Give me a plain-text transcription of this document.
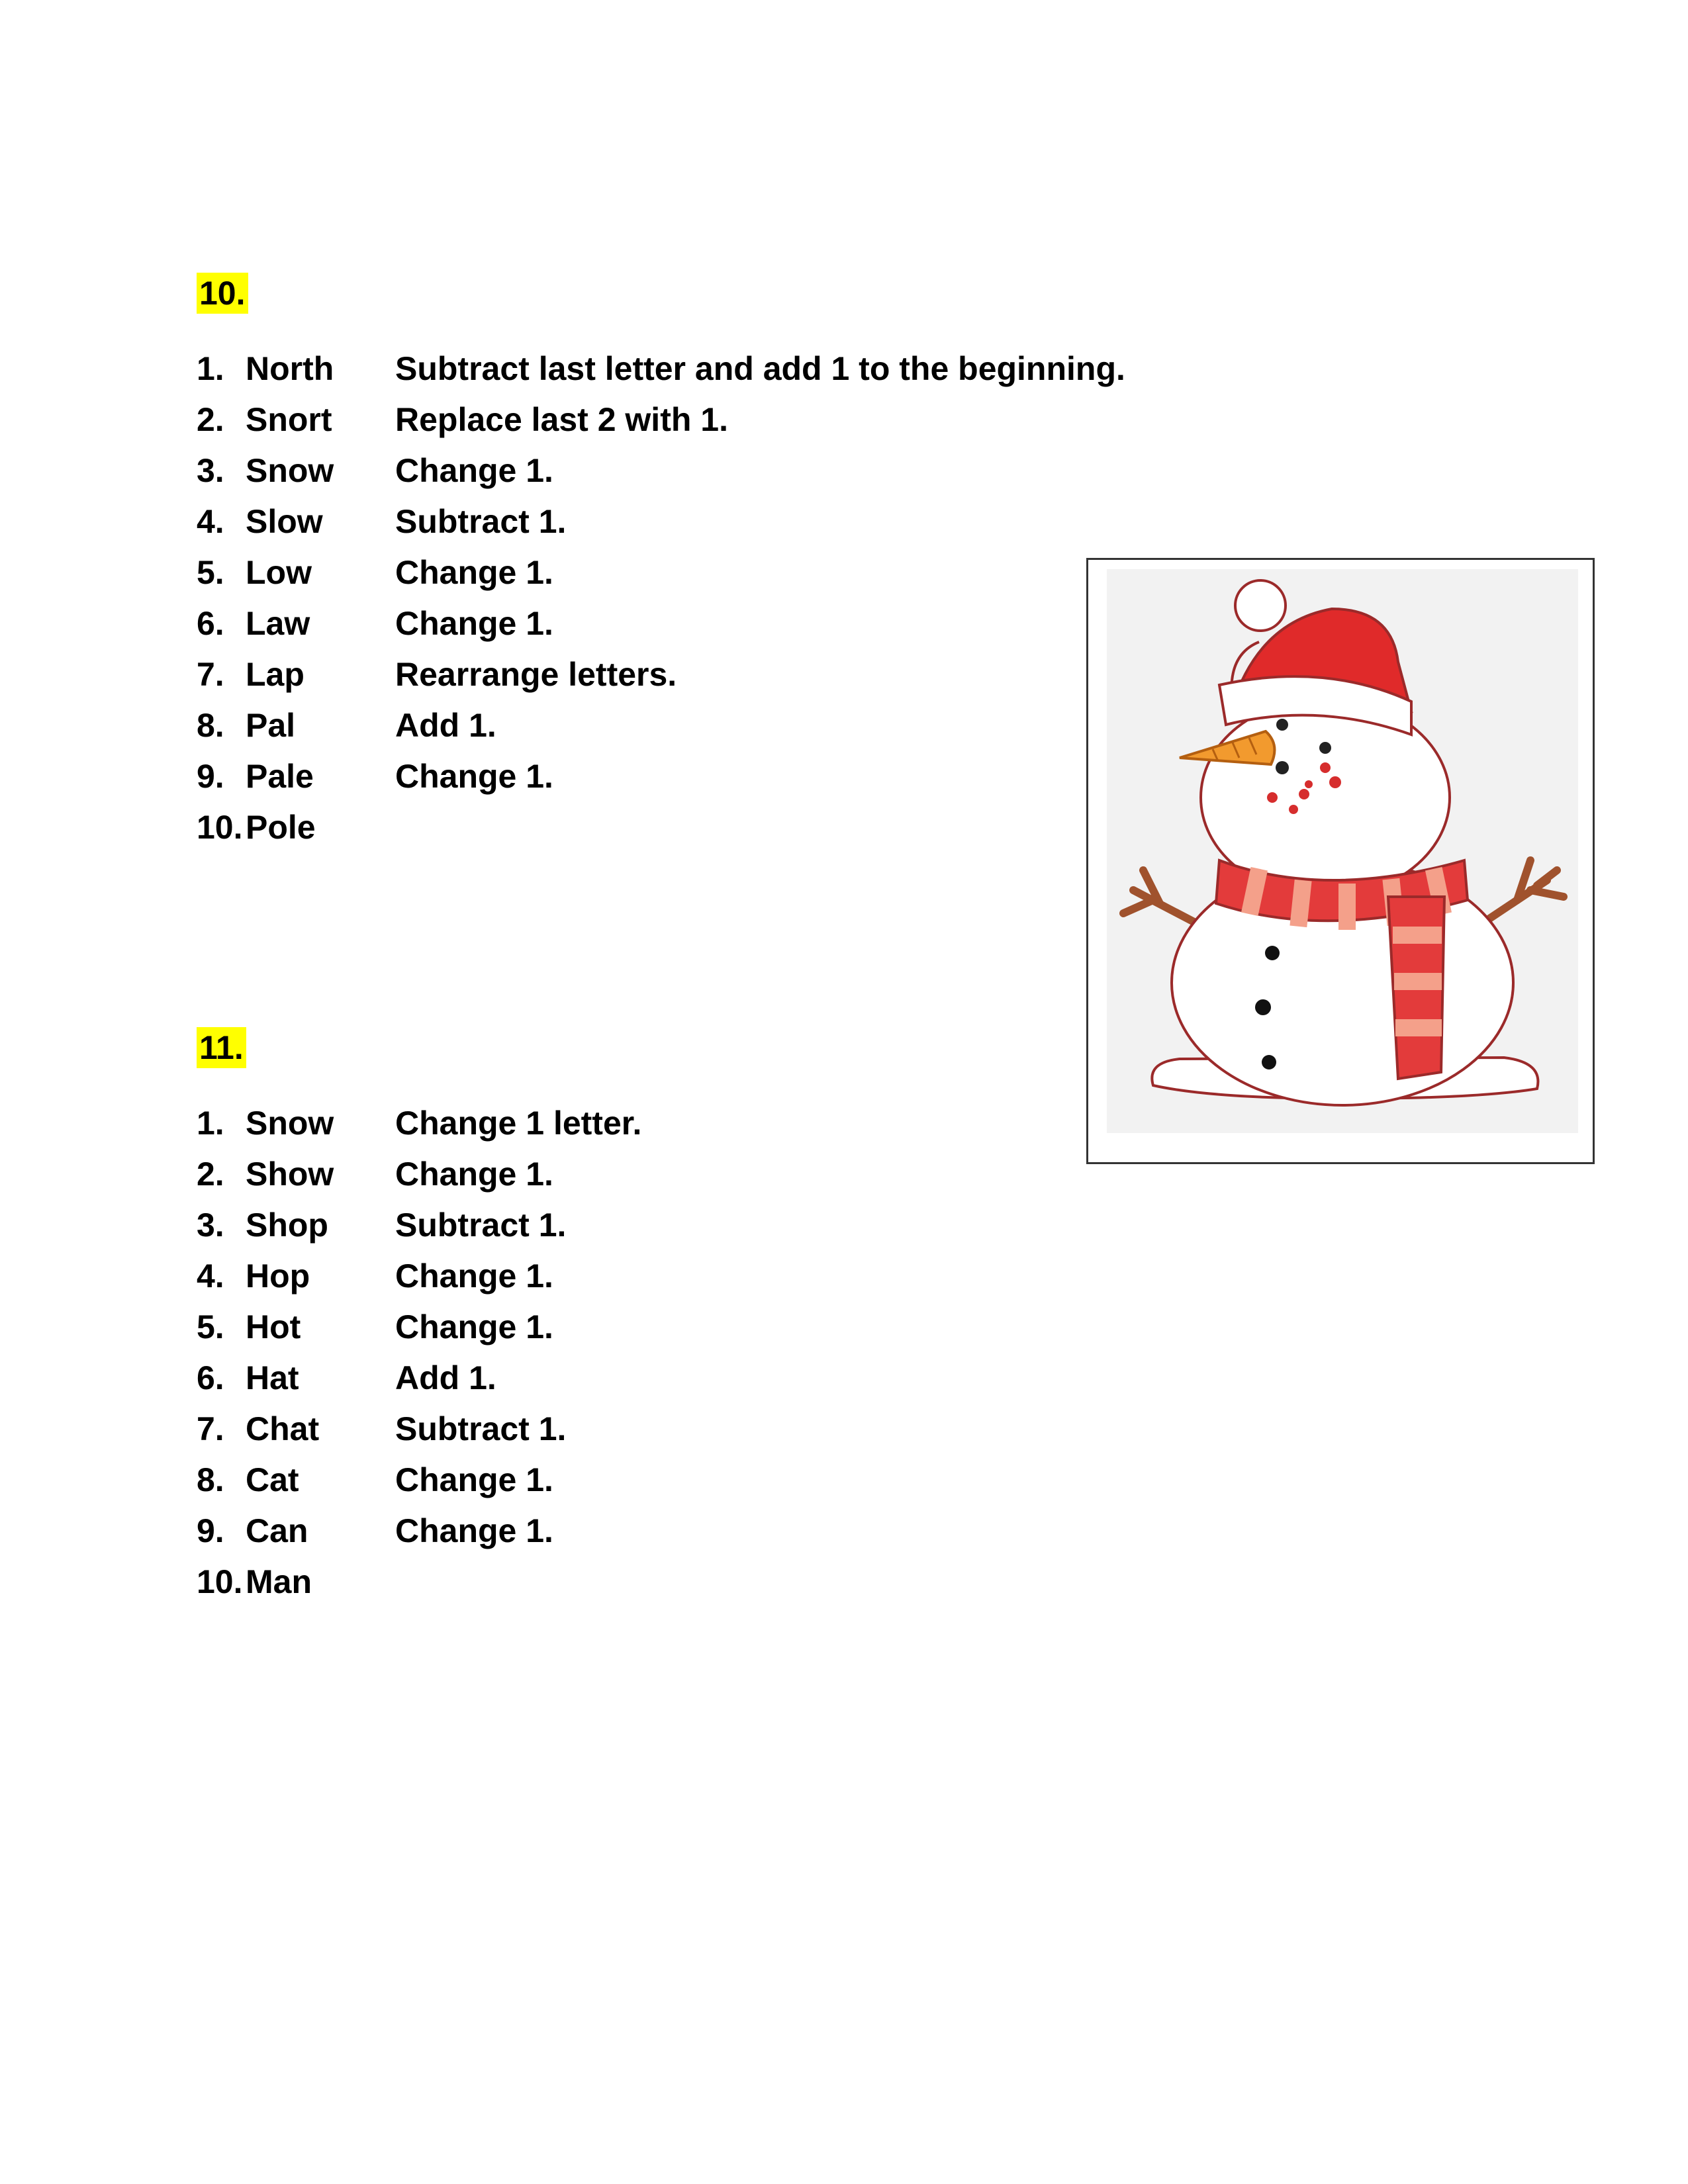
10.
1. North	Subtract last letter and add 1 to the beginning.
2. Snort	Replace last 2 with 1.
3. Snow	Change 1.
4. Slow	Subtract 1.
5. Low	Change 1.
6. Law	Change 1.
7. Lap	Rearrange letters.
8. Pal	Add 1.
9. Pale	Change 1.
10. Pole
11.
1. Snow	Change 1 letter.
2. Show	Change 1.
3. Shop	Subtract 1.
4. Hop	Change 1.
5. Hot	Change 1.
6. Hat	Add 1.
7. Chat	Subtract 1.
8. Cat	Change 1.
9. Can	Change 1.
10. Man
